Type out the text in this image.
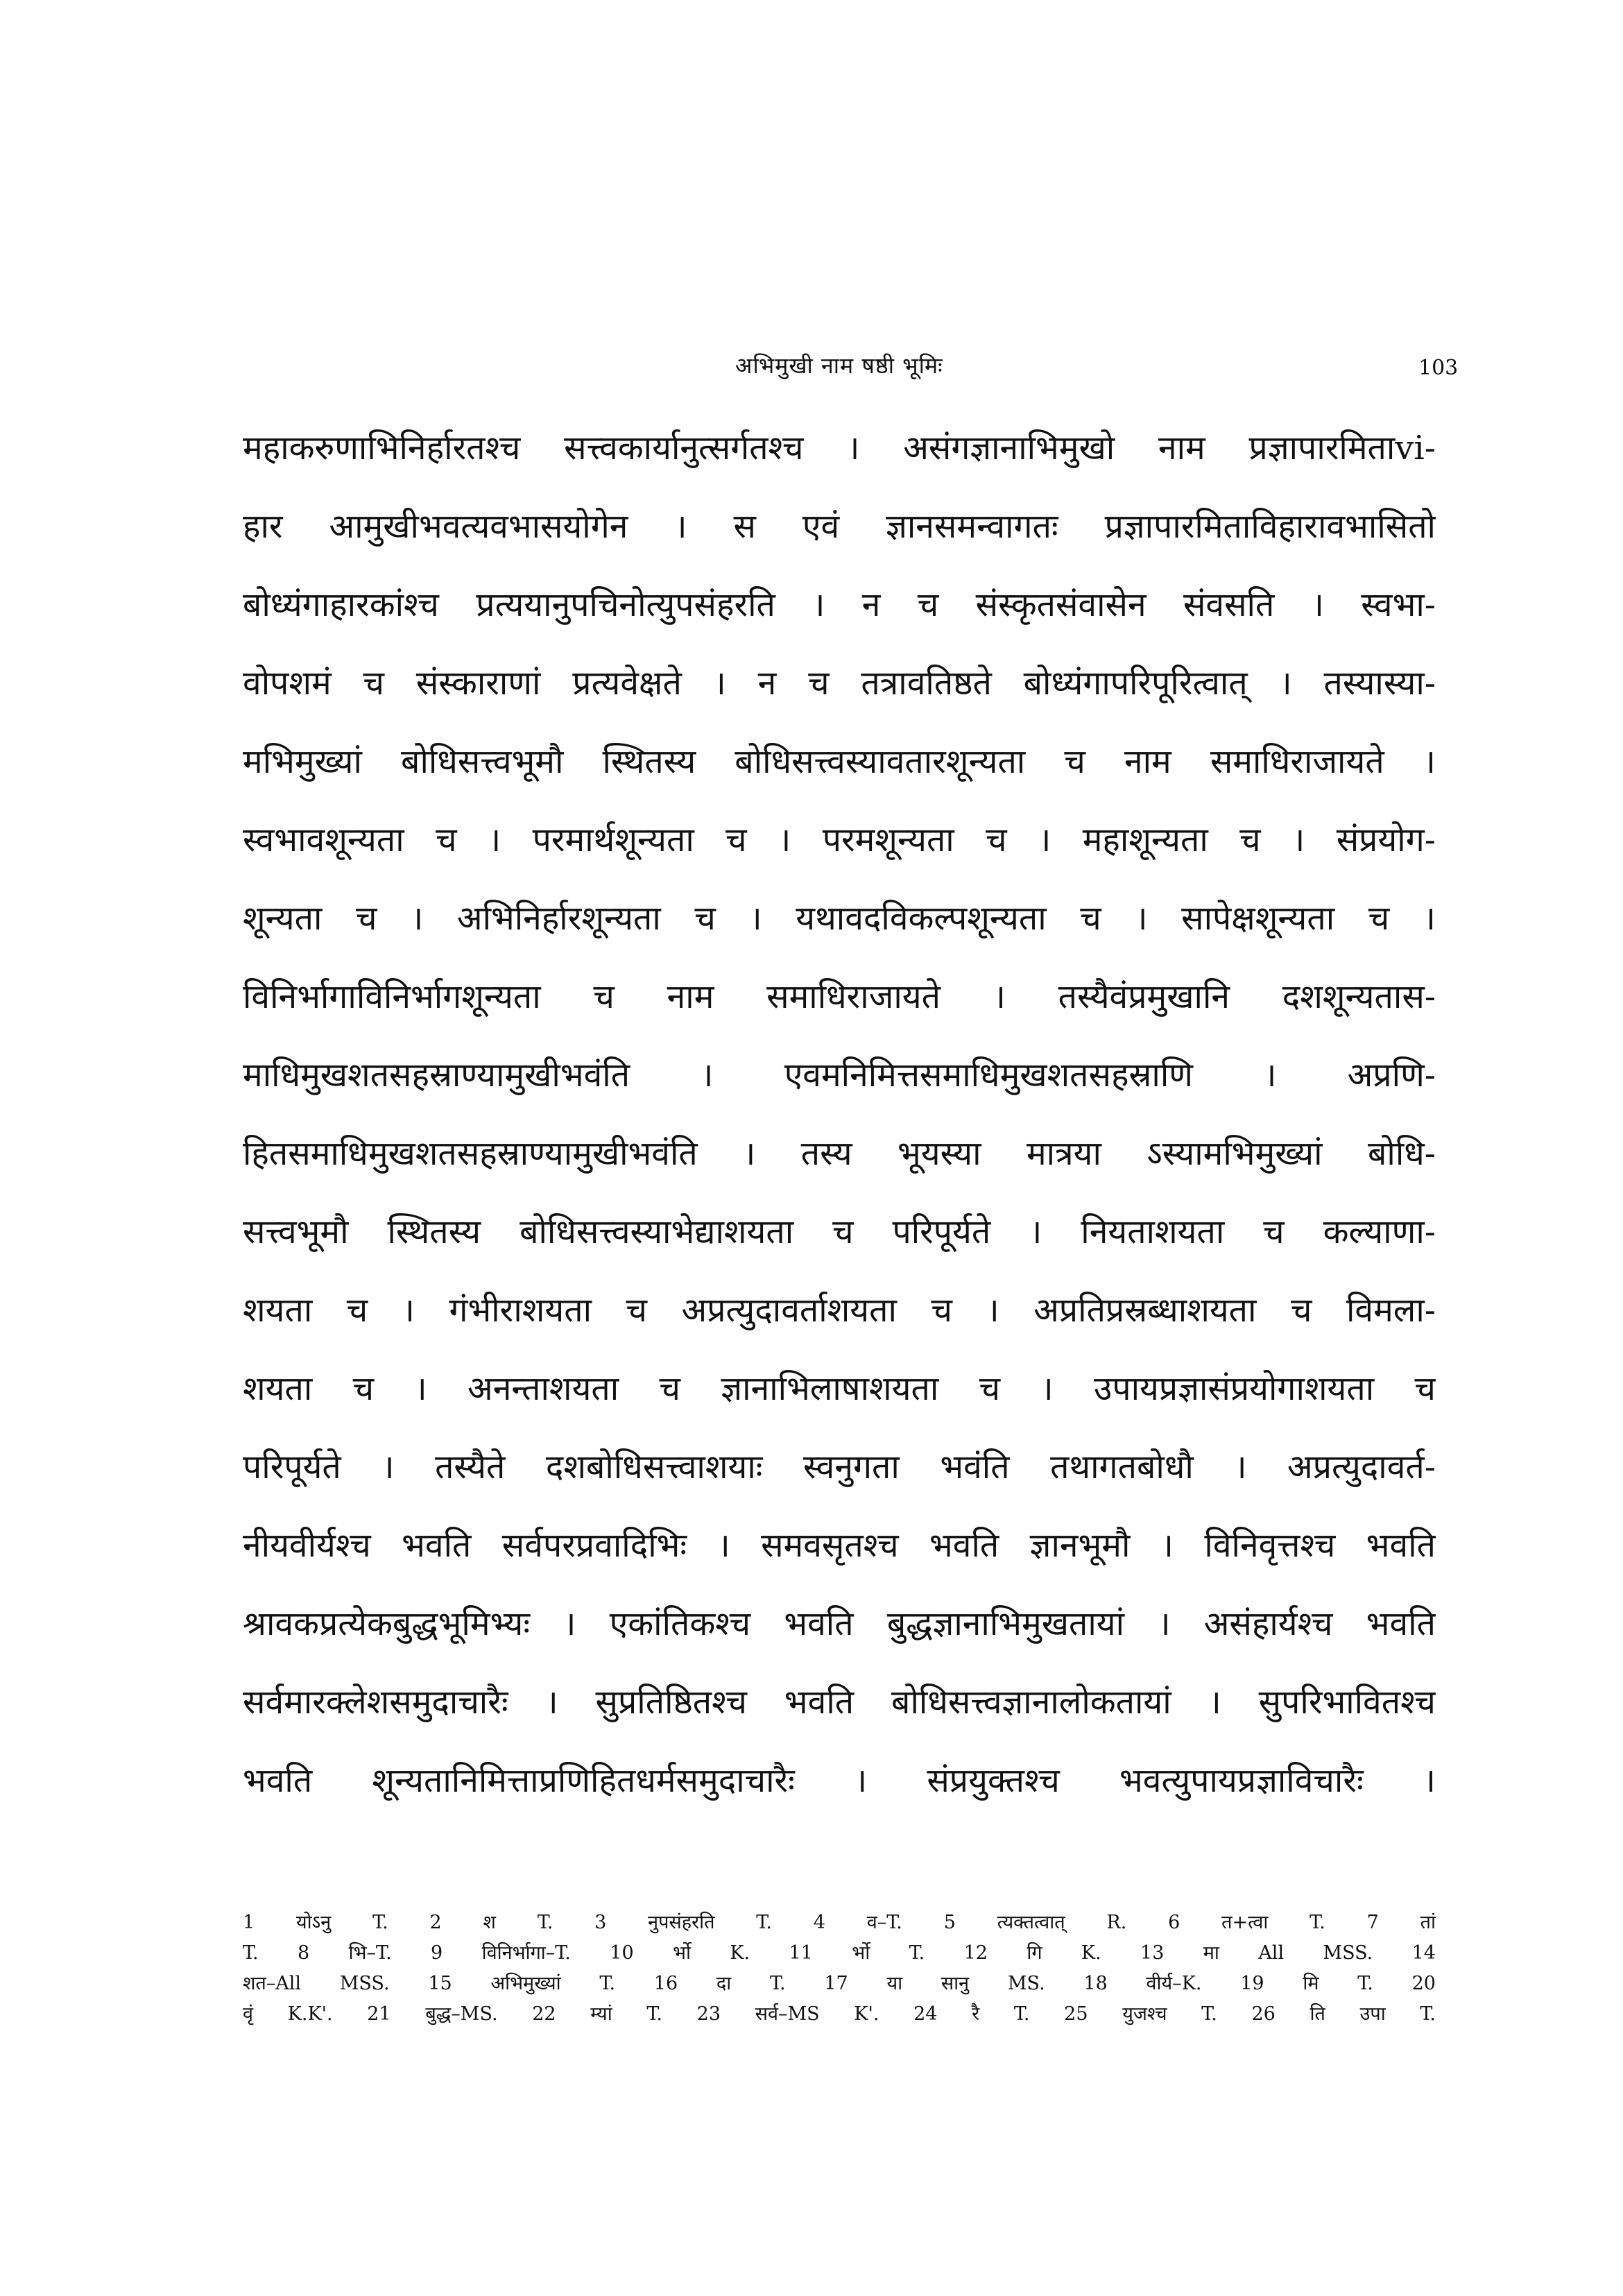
अभिमुखी नाम षष्ठी भूमिः	103
महाकरुणाभिनिर्हारतश्च सत्त्वकार्यानुत्सर्गतश्च । असंगज्ञानाभिमुखो नाम प्रज्ञापारमिताvi-
हार आमुखीभवत्यवभासयोगेन । स एवं ज्ञानसमन्वागतः प्रज्ञापारमिताविहारावभासितो
बोध्यंगाहारकांश्च प्रत्ययानुपचिनोत्युपसंहरति । न च संस्कृतसंवासेन संवसति । स्वभा-
वोपशमं च संस्काराणां प्रत्यवेक्षते । न च तत्रावतिष्ठते बोध्यंगापरिपूरित्वात् । तस्यास्या-
मभिमुख्यां बोधिसत्त्वभूमौ स्थितस्य बोधिसत्त्वस्यावतारशून्यता च नाम समाधिराजायते ।
स्वभावशून्यता च । परमार्थशून्यता च । परमशून्यता च । महाशून्यता च । संप्रयोग-
शून्यता च । अभिनिर्हारशून्यता च । यथावदविकल्पशून्यता च । सापेक्षशून्यता च ।
विनिर्भागाविनिर्भागशून्यता च नाम समाधिराजायते । तस्यैवंप्रमुखानि दशशून्यतास-
माधिमुखशतसहस्राण्यामुखीभवंति । एवमनिमित्तसमाधिमुखशतसहस्राणि । अप्रणि-
हितसमाधिमुखशतसहस्राण्यामुखीभवंति । तस्य भूयस्या मात्रया ऽस्यामभिमुख्यां बोधि-
सत्त्वभूमौ स्थितस्य बोधिसत्त्वस्याभेद्याशयता च परिपूर्यते । नियताशयता च कल्याणा-
शयता च । गंभीराशयता च अप्रत्युदावर्ताशयता च । अप्रतिप्रस्रब्धाशयता च विमला-
शयता च । अनन्ताशयता च ज्ञानाभिलाषाशयता च । उपायप्रज्ञासंप्रयोगाशयता च
परिपूर्यते । तस्यैते दशबोधिसत्त्वाशयाः स्वनुगता भवंति तथागतबोधौ । अप्रत्युदावर्त-
नीयवीर्यश्च भवति सर्वपरप्रवादिभिः । समवसृतश्च भवति ज्ञानभूमौ । विनिवृत्तश्च भवति
श्रावकप्रत्येकबुद्धभूमिभ्यः । एकांतिकश्च भवति बुद्धज्ञानाभिमुखतायां । असंहार्यश्च भवति
सर्वमारक्लेशसमुदाचारैः । सुप्रतिष्ठितश्च भवति बोधिसत्त्वज्ञानालोकतायां । सुपरिभावितश्च
भवति शून्यतानिमित्ताप्रणिहितधर्मसमुदाचारैः । संप्रयुक्तश्च भवत्युपायप्रज्ञाविचारैः ।
1 योऽनु T. 2 श T. 3 नुपसंहरति T. 4 व–T. 5 त्यक्तत्वात् R. 6 त+त्वा T. 7 तां
T. 8 भि–T. 9 विनिर्भागा–T. 10 र्भो K. 11 र्भो T. 12 गि K. 13 मा All MSS. 14
शत–All MSS. 15 अभिमुख्यां T. 16 दा T. 17 या सानु MS. 18 वीर्य–K. 19 मि T. 20
वृं K.K'. 21 बुद्ध–MS. 22 म्यां T. 23 सर्व–MS K'. 24 रै T. 25 युजश्च T. 26 ति उपा T.
